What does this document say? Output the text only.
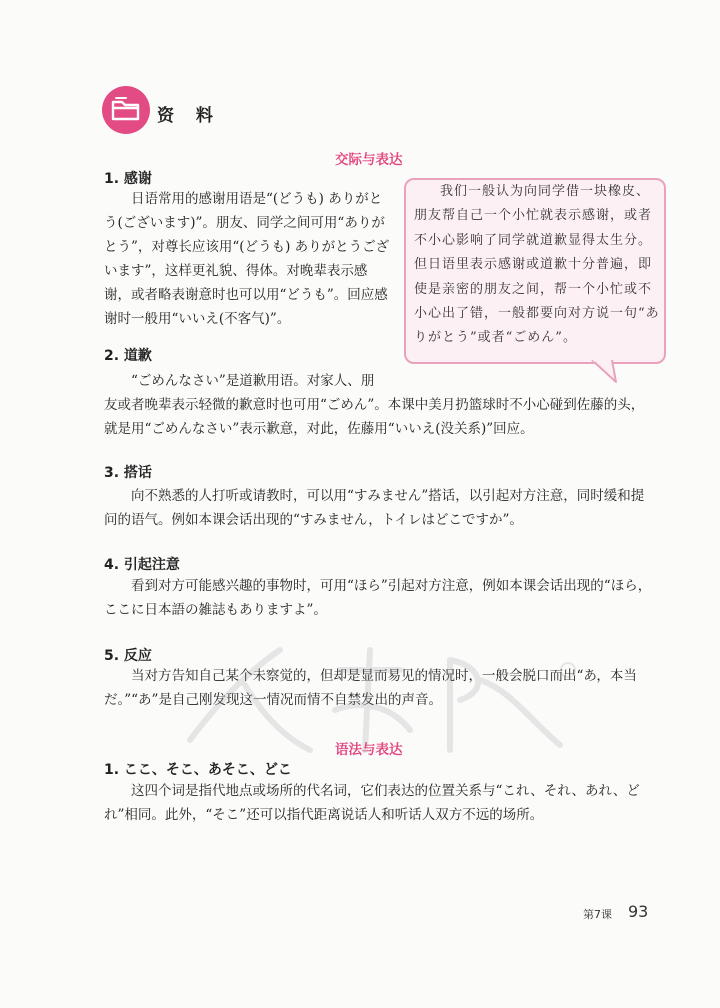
资 料
交际与表达

我们一般认为向同学借一块橡皮、朋友帮自己一个小忙就表示感谢，或者不小心影响了同学就道歉显得太生分。但日语里表示感谢或道歉十分普遍，即使是亲密的朋友之间，帮一个小忙或不小心出了错，一般都要向对方说一句“ありがとう”或者“ごめん”。

1. 感谢

日语常用的感谢用语是“(どうも) ありがとう(ございます)”。朋友、同学之间可用“ありがとう”，对尊长应该用“(どうも) ありがとうございます”，这样更礼貌、得体。对晚辈表示感谢，或者略表谢意时也可以用“どうも”。回应感谢时一般用“いいえ(不客气)”。

2. 道歉

“ごめんなさい”是道歉用语。对家人、朋

友或者晚辈表示轻微的歉意时也可用“ごめん”。本课中美月扔篮球时不小心碰到佐藤的头，就是用“ごめんなさい”表示歉意，对此，佐藤用“いいえ(没关系)”回应。

3. 搭话

向不熟悉的人打听或请教时，可以用“すみません”搭话，以引起对方注意，同时缓和提问的语气。例如本课会话出现的“すみません，トイレはどこですか”。

4. 引起注意

看到对方可能感兴趣的事物时，可用“ほら”引起对方注意，例如本课会话出现的“ほら，ここに日本語の雑誌もありますよ”。

5. 反应

当对方告知自己某个未察觉的，但却是显而易见的情况时，一般会脱口而出“あ，本当だ。”“あ”是自己刚发现这一情况而情不自禁发出的声音。

语法与表达
1. ここ、そこ、あそこ、どこ

这四个词是指代地点或场所的代名词，它们表达的位置关系与“これ、それ、あれ、どれ”相同。此外，“そこ”还可以指代距离说话人和听话人双方不远的场所。

第7课 93
